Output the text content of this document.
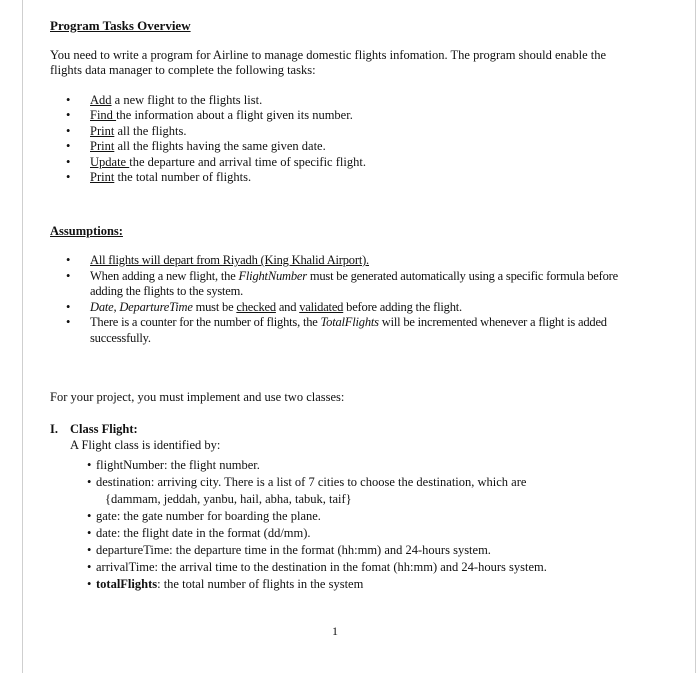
Program Tasks Overview

You need to write a program for Airline to manage domestic flights infomation. The program should enable the flights data manager to complete the following tasks:

• Add a new flight to the flights list.
• Find the information about a flight given its number.
• Print all the flights.
• Print all the flights having the same given date.
• Update the departure and arrival time of specific flight.
• Print the total number of flights.

Assumptions:

• All flights will depart from Riyadh (King Khalid Airport).
• When adding a new flight, the FlightNumber must be generated automatically using a specific formula before adding the flights to the system.
• Date, DepartureTime must be checked and validated before adding the flight.
• There is a counter for the number of flights, the TotalFlights will be incremented whenever a flight is added successfully.

For your project, you must implement and use two classes:

I. Class Flight:

A Flight class is identified by:

• flightNumber: the flight number.
• destination: arriving city. There is a list of 7 cities to choose the destination, which are
{dammam, jeddah, yanbu, hail, abha, tabuk, taif}
• gate: the gate number for boarding the plane.
• date: the flight date in the format (dd/mm).
• departureTime: the departure time in the format (hh:mm) and 24-hours system.
• arrivalTime: the arrival time to the destination in the fomat (hh:mm) and 24-hours system.
• totalFlights: the total number of flights in the system
1
